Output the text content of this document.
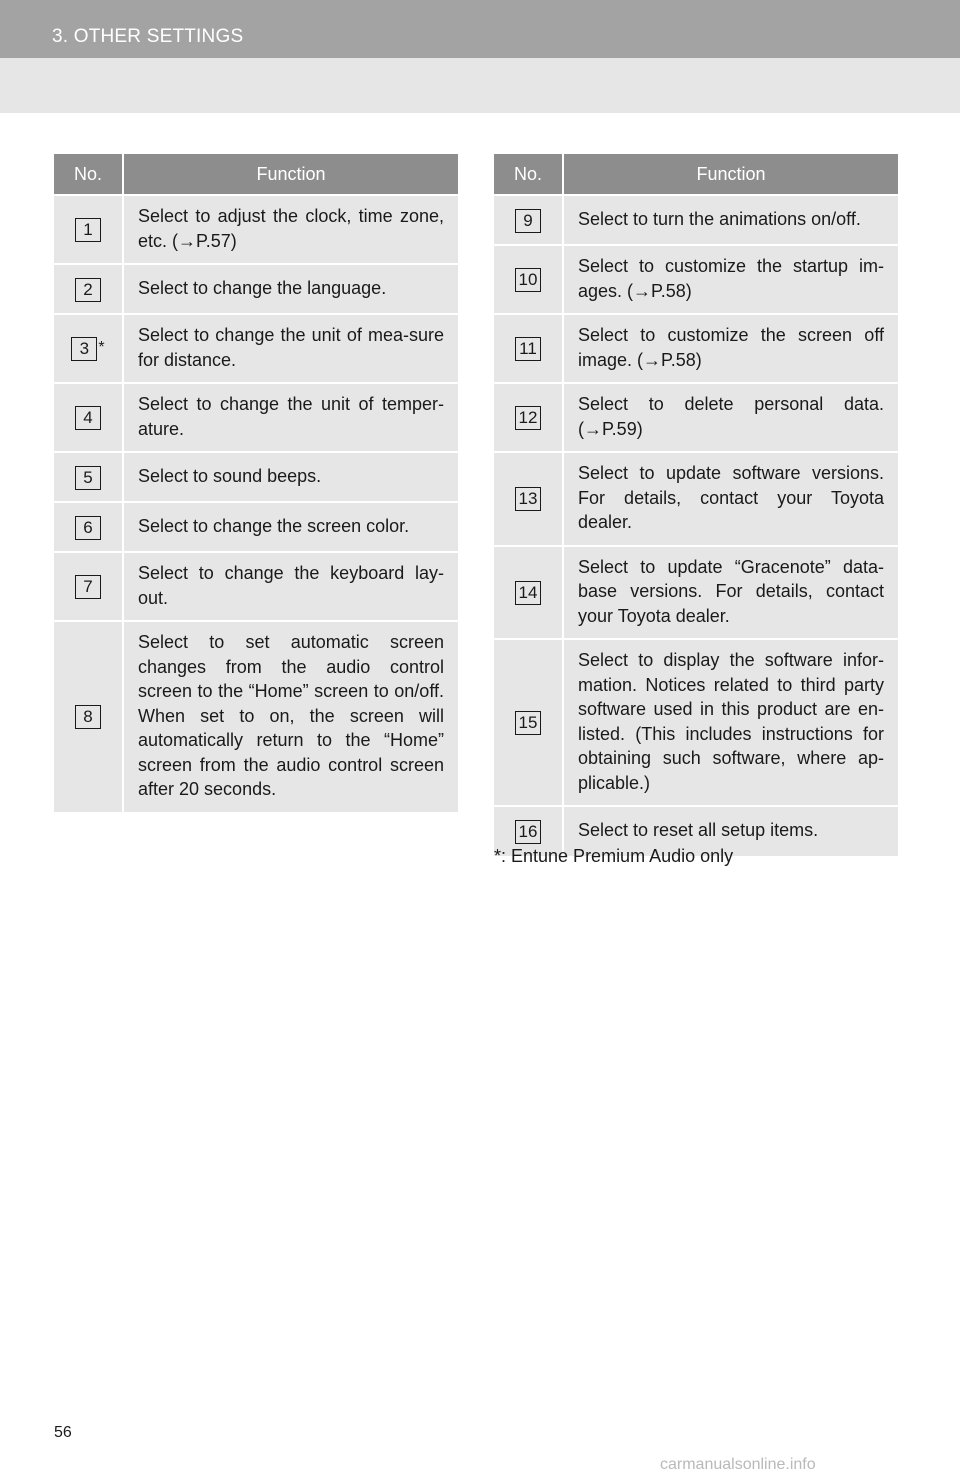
3. OTHER SETTINGS
No.	Function
1	Select to adjust the clock, time zone, etc. (→P.57)
2	Select to change the language.
3 *	Select to change the unit of mea-sure for distance.
4	Select to change the unit of temper-ature.
5	Select to sound beeps.
6	Select to change the screen color.
7	Select to change the keyboard lay-out.
8	Select to set automatic screen changes from the audio control screen to the “Home” screen to on/off. When set to on, the screen will automatically return to the “Home” screen from the audio control screen after 20 seconds.
No.	Function
9	Select to turn the animations on/off.
10	Select to customize the startup im-ages. (→P.58)
11	Select to customize the screen off image. (→P.58)
12	Select to delete personal data. (→P.59)
13	Select to update software versions. For details, contact your Toyota dealer.
14	Select to update “Gracenote” data-base versions. For details, contact your Toyota dealer.
15	Select to display the software infor-mation. Notices related to third party software used in this product are en-listed. (This includes instructions for obtaining such software, where ap-plicable.)
16	Select to reset all setup items.
*: Entune Premium Audio only
56
carmanualsonline.info
